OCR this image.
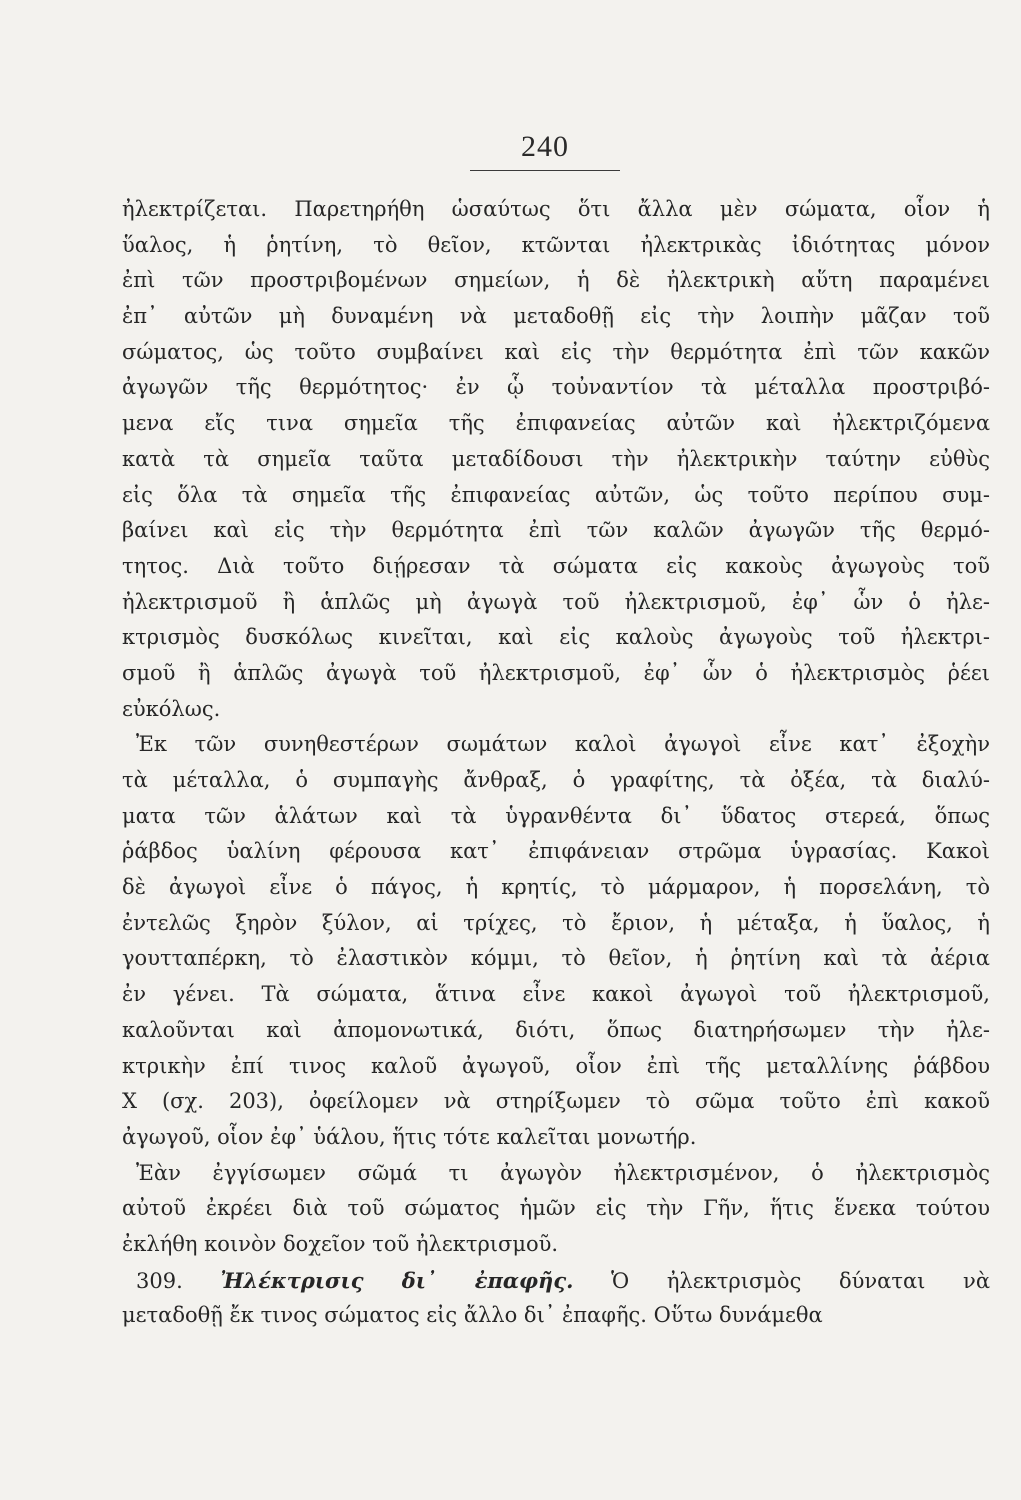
240
ἠλεκτρίζεται. Παρετηρήθη ὡσαύτως ὅτι ἄλλα μὲν σώματα, οἷον ἡ
ὕαλος, ἡ ῥητίνη, τὸ θεῖον, κτῶνται ἠλεκτρικὰς ἰδιότητας μόνον
ἐπὶ τῶν προστριβομένων σημείων, ἡ δὲ ἠλεκτρικὴ αὕτη παραμένει
ἐπ᾿ αὐτῶν μὴ δυναμένη νὰ μεταδοθῇ εἰς τὴν λοιπὴν μᾶζαν τοῦ
σώματος, ὡς τοῦτο συμβαίνει καὶ εἰς τὴν θερμότητα ἐπὶ τῶν κακῶν
ἀγωγῶν τῆς θερμότητος· ἐν ᾧ τοὐναντίον τὰ μέταλλα προστριβό-
μενα εἴς τινα σημεῖα τῆς ἐπιφανείας αὐτῶν καὶ ἠλεκτριζόμενα
κατὰ τὰ σημεῖα ταῦτα μεταδίδουσι τὴν ἠλεκτρικὴν ταύτην εὐθὺς
εἰς ὅλα τὰ σημεῖα τῆς ἐπιφανείας αὐτῶν, ὡς τοῦτο περίπου συμ-
βαίνει καὶ εἰς τὴν θερμότητα ἐπὶ τῶν καλῶν ἀγωγῶν τῆς θερμό-
τητος. Διὰ τοῦτο διῄρεσαν τὰ σώματα εἰς κακοὺς ἀγωγοὺς τοῦ
ἠλεκτρισμοῦ ἢ ἁπλῶς μὴ ἀγωγὰ τοῦ ἠλεκτρισμοῦ, ἐφ᾿ ὧν ὁ ἠλε-
κτρισμὸς δυσκόλως κινεῖται, καὶ εἰς καλοὺς ἀγωγοὺς τοῦ ἠλεκτρι-
σμοῦ ἢ ἁπλῶς ἀγωγὰ τοῦ ἠλεκτρισμοῦ, ἐφ᾿ ὧν ὁ ἠλεκτρισμὸς ῥέει
εὐκόλως.
Ἐκ τῶν συνηθεστέρων σωμάτων καλοὶ ἀγωγοὶ εἶνε κατ᾿ ἐξοχὴν
τὰ μέταλλα, ὁ συμπαγὴς ἄνθραξ, ὁ γραφίτης, τὰ ὀξέα, τὰ διαλύ-
ματα τῶν ἁλάτων καὶ τὰ ὑγρανθέντα δι᾿ ὕδατος στερεά, ὅπως
ῥάβδος ὑαλίνη φέρουσα κατ᾿ ἐπιφάνειαν στρῶμα ὑγρασίας. Κακοὶ
δὲ ἀγωγοὶ εἶνε ὁ πάγος, ἡ κρητίς, τὸ μάρμαρον, ἡ πορσελάνη, τὸ
ἐντελῶς ξηρὸν ξύλον, αἱ τρίχες, τὸ ἔριον, ἡ μέταξα, ἡ ὕαλος, ἡ
γουτταπέρκη, τὸ ἐλαστικὸν κόμμι, τὸ θεῖον, ἡ ῥητίνη καὶ τὰ ἀέρια
ἐν γένει. Τὰ σώματα, ἅτινα εἶνε κακοὶ ἀγωγοὶ τοῦ ἠλεκτρισμοῦ,
καλοῦνται καὶ ἀπομονωτικά, διότι, ὅπως διατηρήσωμεν τὴν ἠλε-
κτρικὴν ἐπί τινος καλοῦ ἀγωγοῦ, οἷον ἐπὶ τῆς μεταλλίνης ῥάβδου
Χ (σχ. 203), ὀφείλομεν νὰ στηρίξωμεν τὸ σῶμα τοῦτο ἐπὶ κακοῦ
ἀγωγοῦ, οἷον ἐφ᾿ ὑάλου, ἥτις τότε καλεῖται μονωτήρ.
Ἐὰν ἐγγίσωμεν σῶμά τι ἀγωγὸν ἠλεκτρισμένον, ὁ ἠλεκτρισμὸς
αὐτοῦ ἐκρέει διὰ τοῦ σώματος ἡμῶν εἰς τὴν Γῆν, ἥτις ἕνεκα τούτου
ἐκλήθη κοινὸν δοχεῖον τοῦ ἠλεκτρισμοῦ.
309. Ἠλέκτρισις δι᾿ ἐπαφῆς. Ὁ ἠλεκτρισμὸς δύναται νὰ
μεταδοθῇ ἔκ τινος σώματος εἰς ἄλλο δι᾿ ἐπαφῆς. Οὕτω δυνάμεθα
